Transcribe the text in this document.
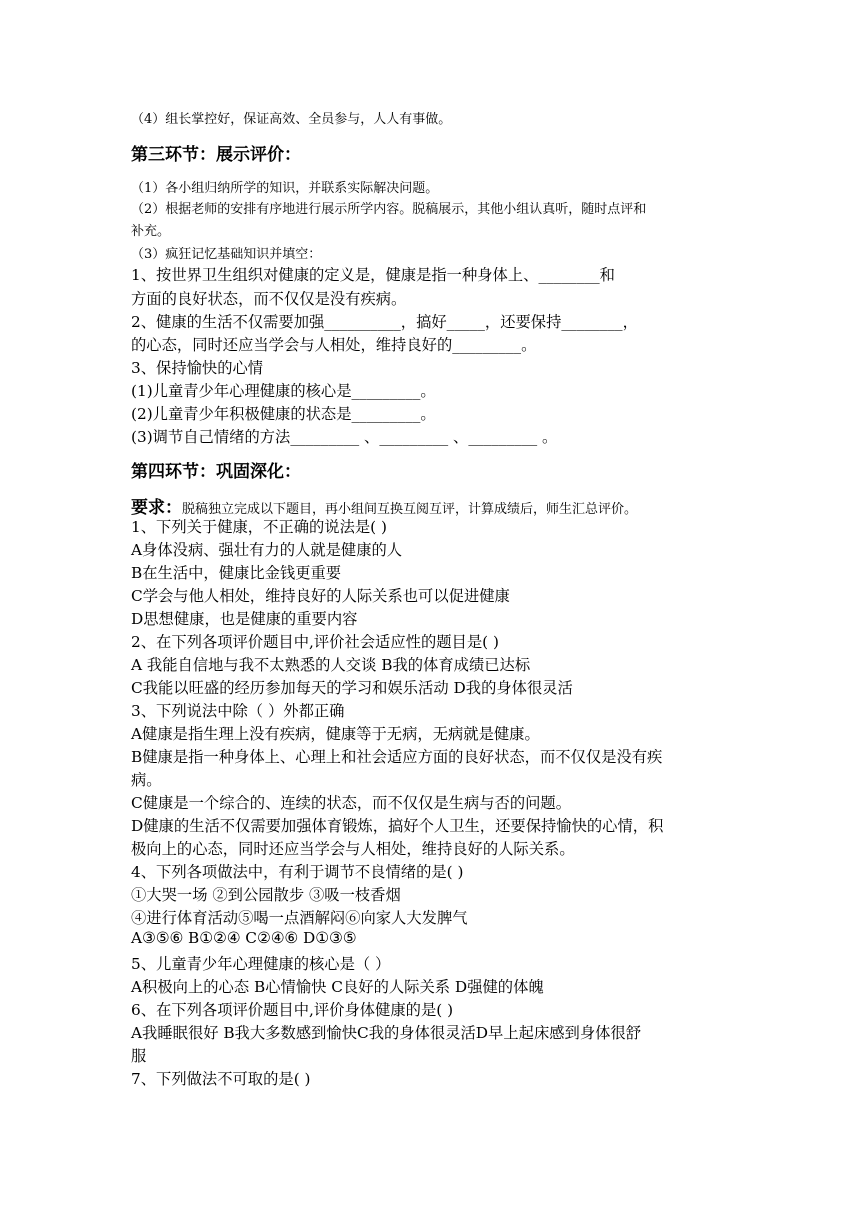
（4）组长掌控好，保证高效、全员参与，人人有事做。
第三环节：展示评价：
（1）各小组归纳所学的知识，并联系实际解决问题。
（2）根据老师的安排有序地进行展示所学内容。脱稿展示，其他小组认真听，随时点评和
补充。
（3）疯狂记忆基础知识并填空：
1、按世界卫生组织对健康的定义是，健康是指一种身体上、________和
方面的良好状态，而不仅仅是没有疾病。
2、健康的生活不仅需要加强__________，搞好_____，还要保持________，
的心态，同时还应当学会与人相处，维持良好的_________。
3、保持愉快的心情
(1)儿童青少年心理健康的核心是_________。
(2)儿童青少年积极健康的状态是_________。
(3)调节自己情绪的方法_________ 、_________ 、_________ 。
第四环节：巩固深化：
1、下列关于健康，不正确的说法是( )
A身体没病、强壮有力的人就是健康的人
B在生活中，健康比金钱更重要
C学会与他人相处，维持良好的人际关系也可以促进健康
D思想健康，也是健康的重要内容
2、在下列各项评价题目中,评价社会适应性的题目是( )
A 我能自信地与我不太熟悉的人交谈 B我的体育成绩已达标
C我能以旺盛的经历参加每天的学习和娱乐活动 D我的身体很灵活
3、下列说法中除（ ）外都正确
A健康是指生理上没有疾病，健康等于无病，无病就是健康。
B健康是指一种身体上、心理上和社会适应方面的良好状态，而不仅仅是没有疾
病。
C健康是一个综合的、连续的状态，而不仅仅是生病与否的问题。
D健康的生活不仅需要加强体育锻炼，搞好个人卫生，还要保持愉快的心情，积
极向上的心态，同时还应当学会与人相处，维持良好的人际关系。
4、下列各项做法中，有利于调节不良情绪的是( )
①大哭一场 ②到公园散步 ③吸一枝香烟
④进行体育活动⑤喝一点酒解闷⑥向家人大发脾气
A③⑤⑥ B①②④ C②④⑥ D①③⑤
5、儿童青少年心理健康的核心是（ ）
A积极向上的心态 B心情愉快 C良好的人际关系 D强健的体魄
6、在下列各项评价题目中,评价身体健康的是( )
A我睡眠很好 B我大多数感到愉快C我的身体很灵活D早上起床感到身体很舒
服
7、下列做法不可取的是( )
要求：脱稿独立完成以下题目，再小组间互换互阅互评，计算成绩后，师生汇总评价。
